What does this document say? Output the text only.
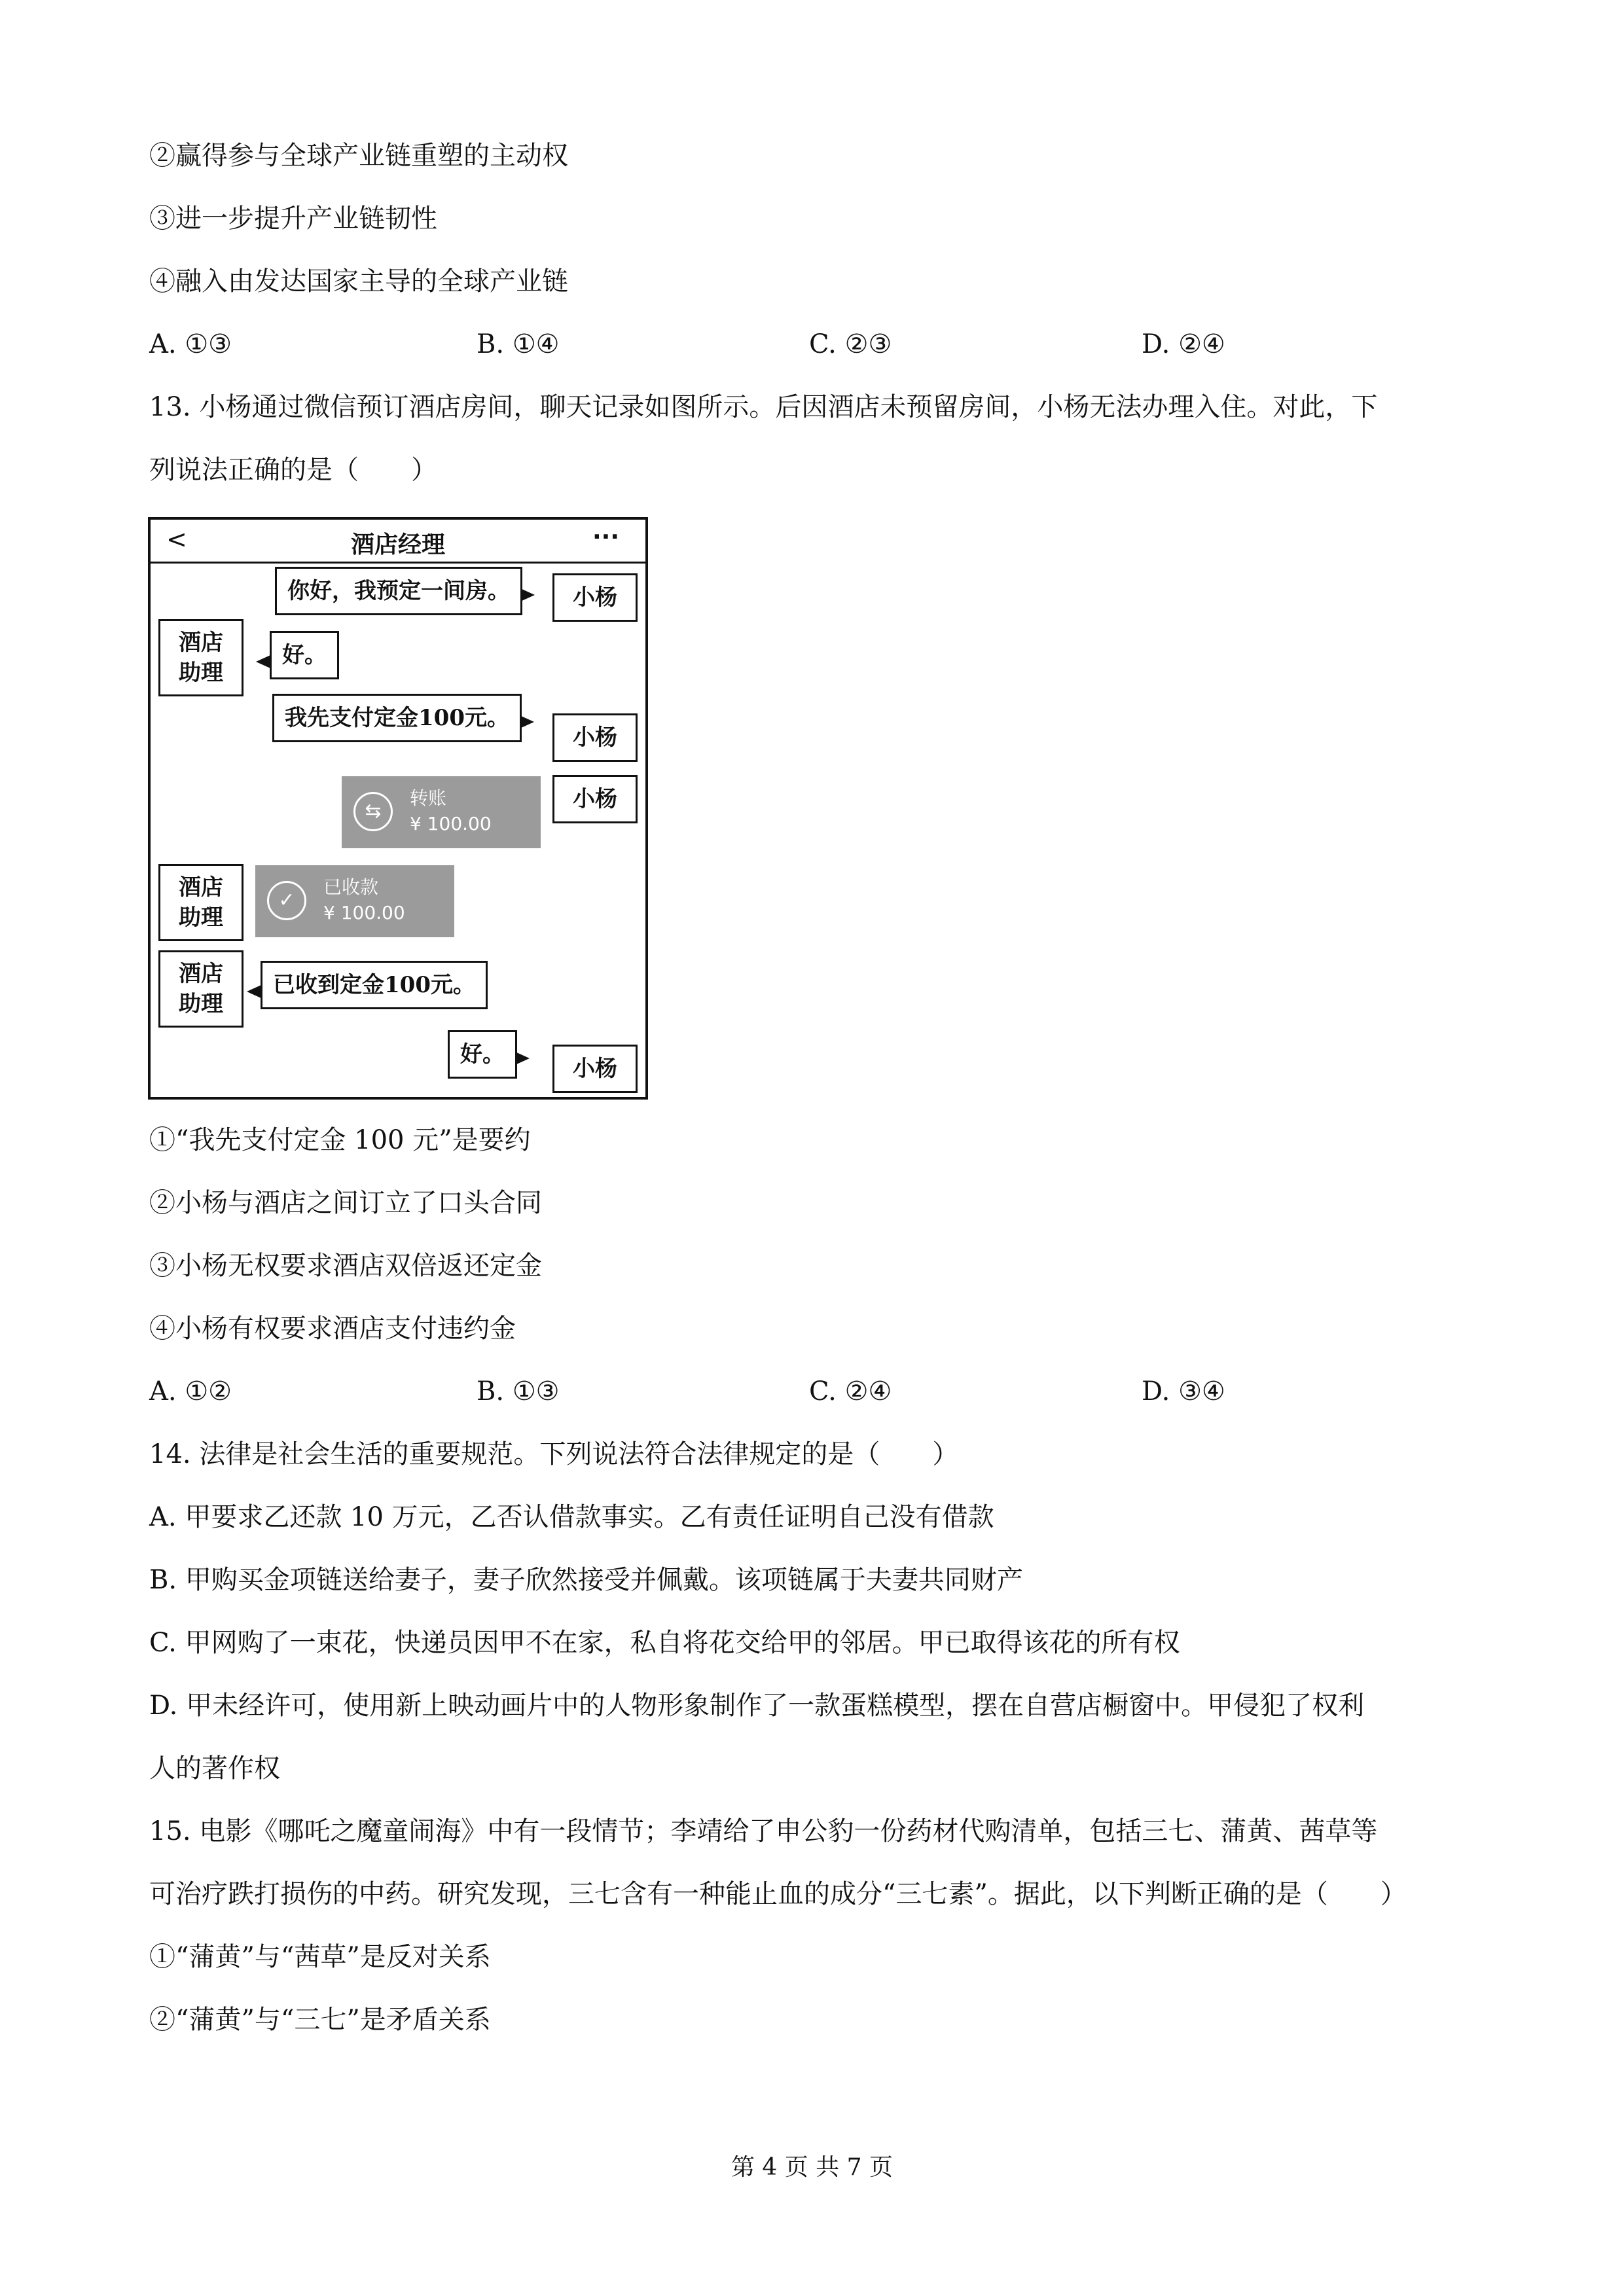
②赢得参与全球产业链重塑的主动权
③进一步提升产业链韧性
④融入由发达国家主导的全球产业链
A. ①③	B. ①④	C. ②③	D. ②④
13. 小杨通过微信预订酒店房间，聊天记录如图所示。后因酒店未预留房间，小杨无法办理入住。对此，下
列说法正确的是（　　）
<	酒店经理	···
你好，我预定一间房。	小杨
酒店
助理
好。
我先支付定金100元。
小杨
⇆
转账
¥ 100.00
小杨
酒店
助理
✓
已收款
¥ 100.00
酒店
助理
已收到定金100元。
好。
小杨
①“我先支付定金 100 元”是要约
②小杨与酒店之间订立了口头合同
③小杨无权要求酒店双倍返还定金
④小杨有权要求酒店支付违约金
A. ①②	B. ①③	C. ②④	D. ③④
14. 法律是社会生活的重要规范。下列说法符合法律规定的是（　　）
A. 甲要求乙还款 10 万元，乙否认借款事实。乙有责任证明自己没有借款
B. 甲购买金项链送给妻子，妻子欣然接受并佩戴。该项链属于夫妻共同财产
C. 甲网购了一束花，快递员因甲不在家，私自将花交给甲的邻居。甲已取得该花的所有权
D. 甲未经许可，使用新上映动画片中的人物形象制作了一款蛋糕模型，摆在自营店橱窗中。甲侵犯了权利
人的著作权
15. 电影《哪吒之魔童闹海》中有一段情节；李靖给了申公豹一份药材代购清单，包括三七、蒲黄、茜草等
可治疗跌打损伤的中药。研究发现，三七含有一种能止血的成分“三七素”。据此，以下判断正确的是（　　）
①“蒲黄”与“茜草”是反对关系
②“蒲黄”与“三七”是矛盾关系
第 4 页 共 7 页
